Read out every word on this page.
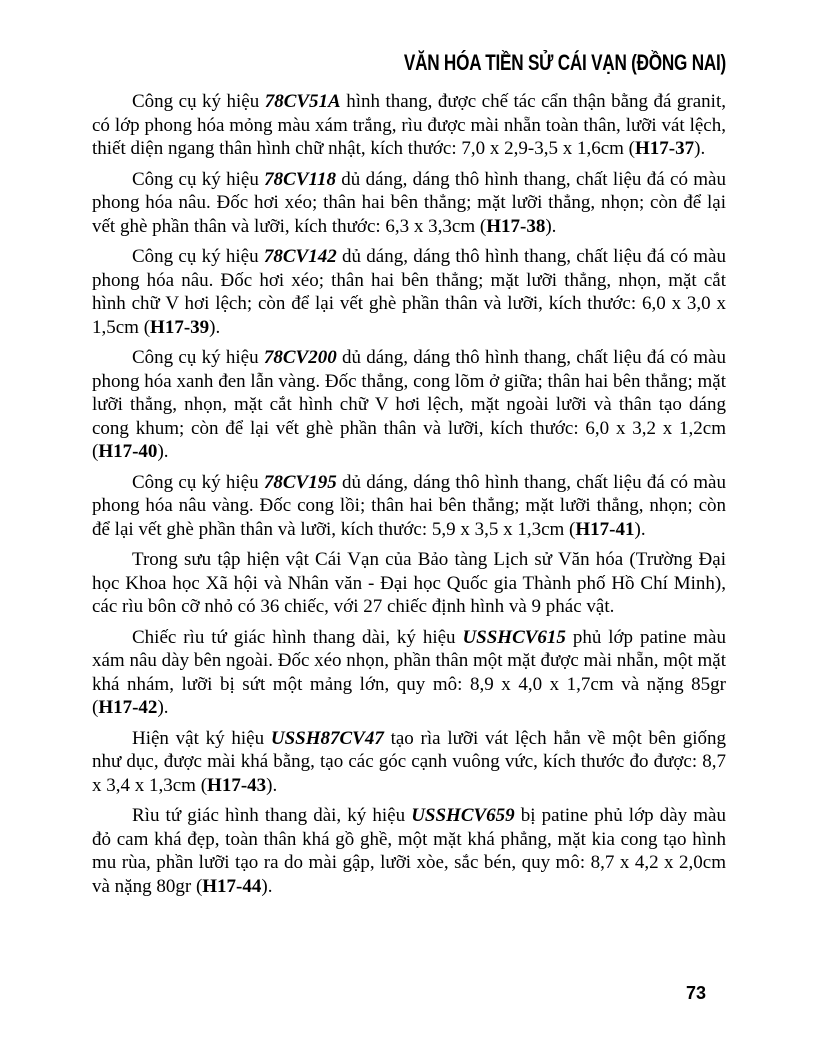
VĂN HÓA TIỀN SỬ CÁI VẠN (ĐỒNG NAI)

Công cụ ký hiệu 78CV51A hình thang, được chế tác cẩn thận bằng đá granit, có lớp phong hóa mỏng màu xám trắng, rìu được mài nhẵn toàn thân, lưỡi vát lệch, thiết diện ngang thân hình chữ nhật, kích thước: 7,0 x 2,9-3,5 x 1,6cm (H17-37).

Công cụ ký hiệu 78CV118 dủ dáng, dáng thô hình thang, chất liệu đá có màu phong hóa nâu. Đốc hơi xéo; thân hai bên thẳng; mặt lưỡi thẳng, nhọn; còn để lại vết ghè phần thân và lưỡi, kích thước: 6,3 x 3,3cm (H17-38).

Công cụ ký hiệu 78CV142 dủ dáng, dáng thô hình thang, chất liệu đá có màu phong hóa nâu. Đốc hơi xéo; thân hai bên thẳng; mặt lưỡi thẳng, nhọn, mặt cắt hình chữ V hơi lệch; còn để lại vết ghè phần thân và lưỡi, kích thước: 6,0 x 3,0 x 1,5cm (H17-39).

Công cụ ký hiệu 78CV200 dủ dáng, dáng thô hình thang, chất liệu đá có màu phong hóa xanh đen lẫn vàng. Đốc thẳng, cong lõm ở giữa; thân hai bên thẳng; mặt lưỡi thẳng, nhọn, mặt cắt hình chữ V hơi lệch, mặt ngoài lưỡi và thân tạo dáng cong khum; còn để lại vết ghè phần thân và lưỡi, kích thước: 6,0 x 3,2 x 1,2cm (H17-40).

Công cụ ký hiệu 78CV195 dủ dáng, dáng thô hình thang, chất liệu đá có màu phong hóa nâu vàng. Đốc cong lồi; thân hai bên thẳng; mặt lưỡi thẳng, nhọn; còn để lại vết ghè phần thân và lưỡi, kích thước: 5,9 x 3,5 x 1,3cm (H17-41).

Trong sưu tập hiện vật Cái Vạn của Bảo tàng Lịch sử Văn hóa (Trường Đại học Khoa học Xã hội và Nhân văn - Đại học Quốc gia Thành phố Hồ Chí Minh), các rìu bôn cỡ nhỏ có 36 chiếc, với 27 chiếc định hình và 9 phác vật.

Chiếc rìu tứ giác hình thang dài, ký hiệu USSHCV615 phủ lớp patine màu xám nâu dày bên ngoài. Đốc xéo nhọn, phần thân một mặt được mài nhẵn, một mặt khá nhám, lưỡi bị sứt một mảng lớn, quy mô: 8,9 x 4,0 x 1,7cm và nặng 85gr (H17-42).

Hiện vật ký hiệu USSH87CV47 tạo rìa lưỡi vát lệch hẳn về một bên giống như dục, được mài khá bằng, tạo các góc cạnh vuông vức, kích thước đo được: 8,7 x 3,4 x 1,3cm (H17-43).

Rìu tứ giác hình thang dài, ký hiệu USSHCV659 bị patine phủ lớp dày màu đỏ cam khá đẹp, toàn thân khá gồ ghề, một mặt khá phẳng, mặt kia cong tạo hình mu rùa, phần lưỡi tạo ra do mài gập, lưỡi xòe, sắc bén, quy mô: 8,7 x 4,2 x 2,0cm và nặng 80gr (H17-44).

73
